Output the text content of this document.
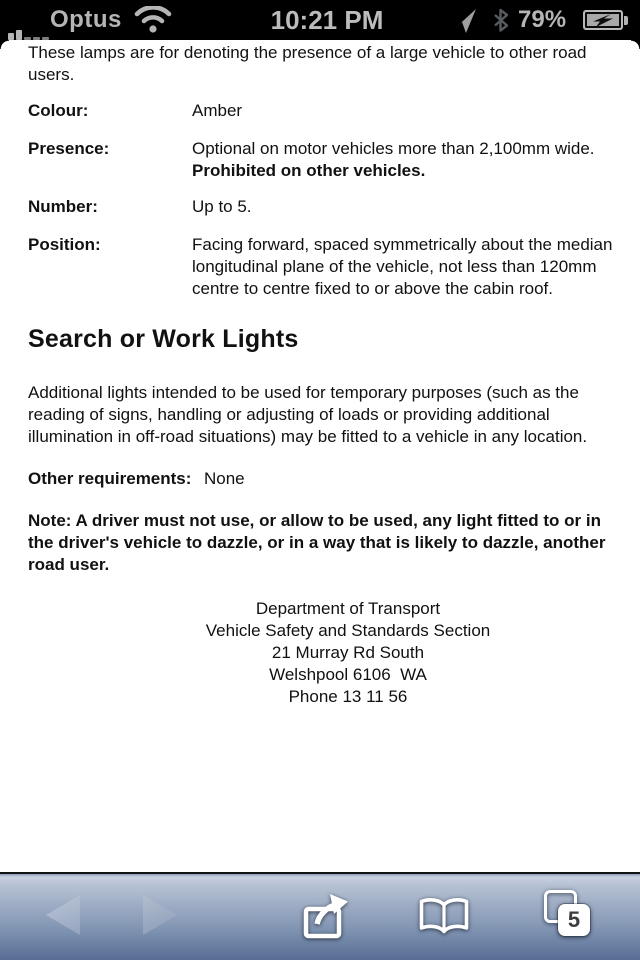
Optus	10:21 PM	79%
These lamps are for denoting the presence of a large vehicle to other road
users.
Colour:	Amber
Presence:	Optional on motor vehicles more than 2,100mm wide.
Prohibited on other vehicles.
Number:	Up to 5.
Position:	Facing forward, spaced symmetrically about the median
longitudinal plane of the vehicle, not less than 120mm
centre to centre fixed to or above the cabin roof.
Search or Work Lights
Additional lights intended to be used for temporary purposes (such as the
reading of signs, handling or adjusting of loads or providing additional
illumination in off-road situations) may be fitted to a vehicle in any location.
Other requirements: None
Note: A driver must not use, or allow to be used, any light fitted to or in
the driver's vehicle to dazzle, or in a way that is likely to dazzle, another
road user.
Department of Transport
Vehicle Safety and Standards Section
21 Murray Rd South
Welshpool 6106  WA
Phone 13 11 56
5
